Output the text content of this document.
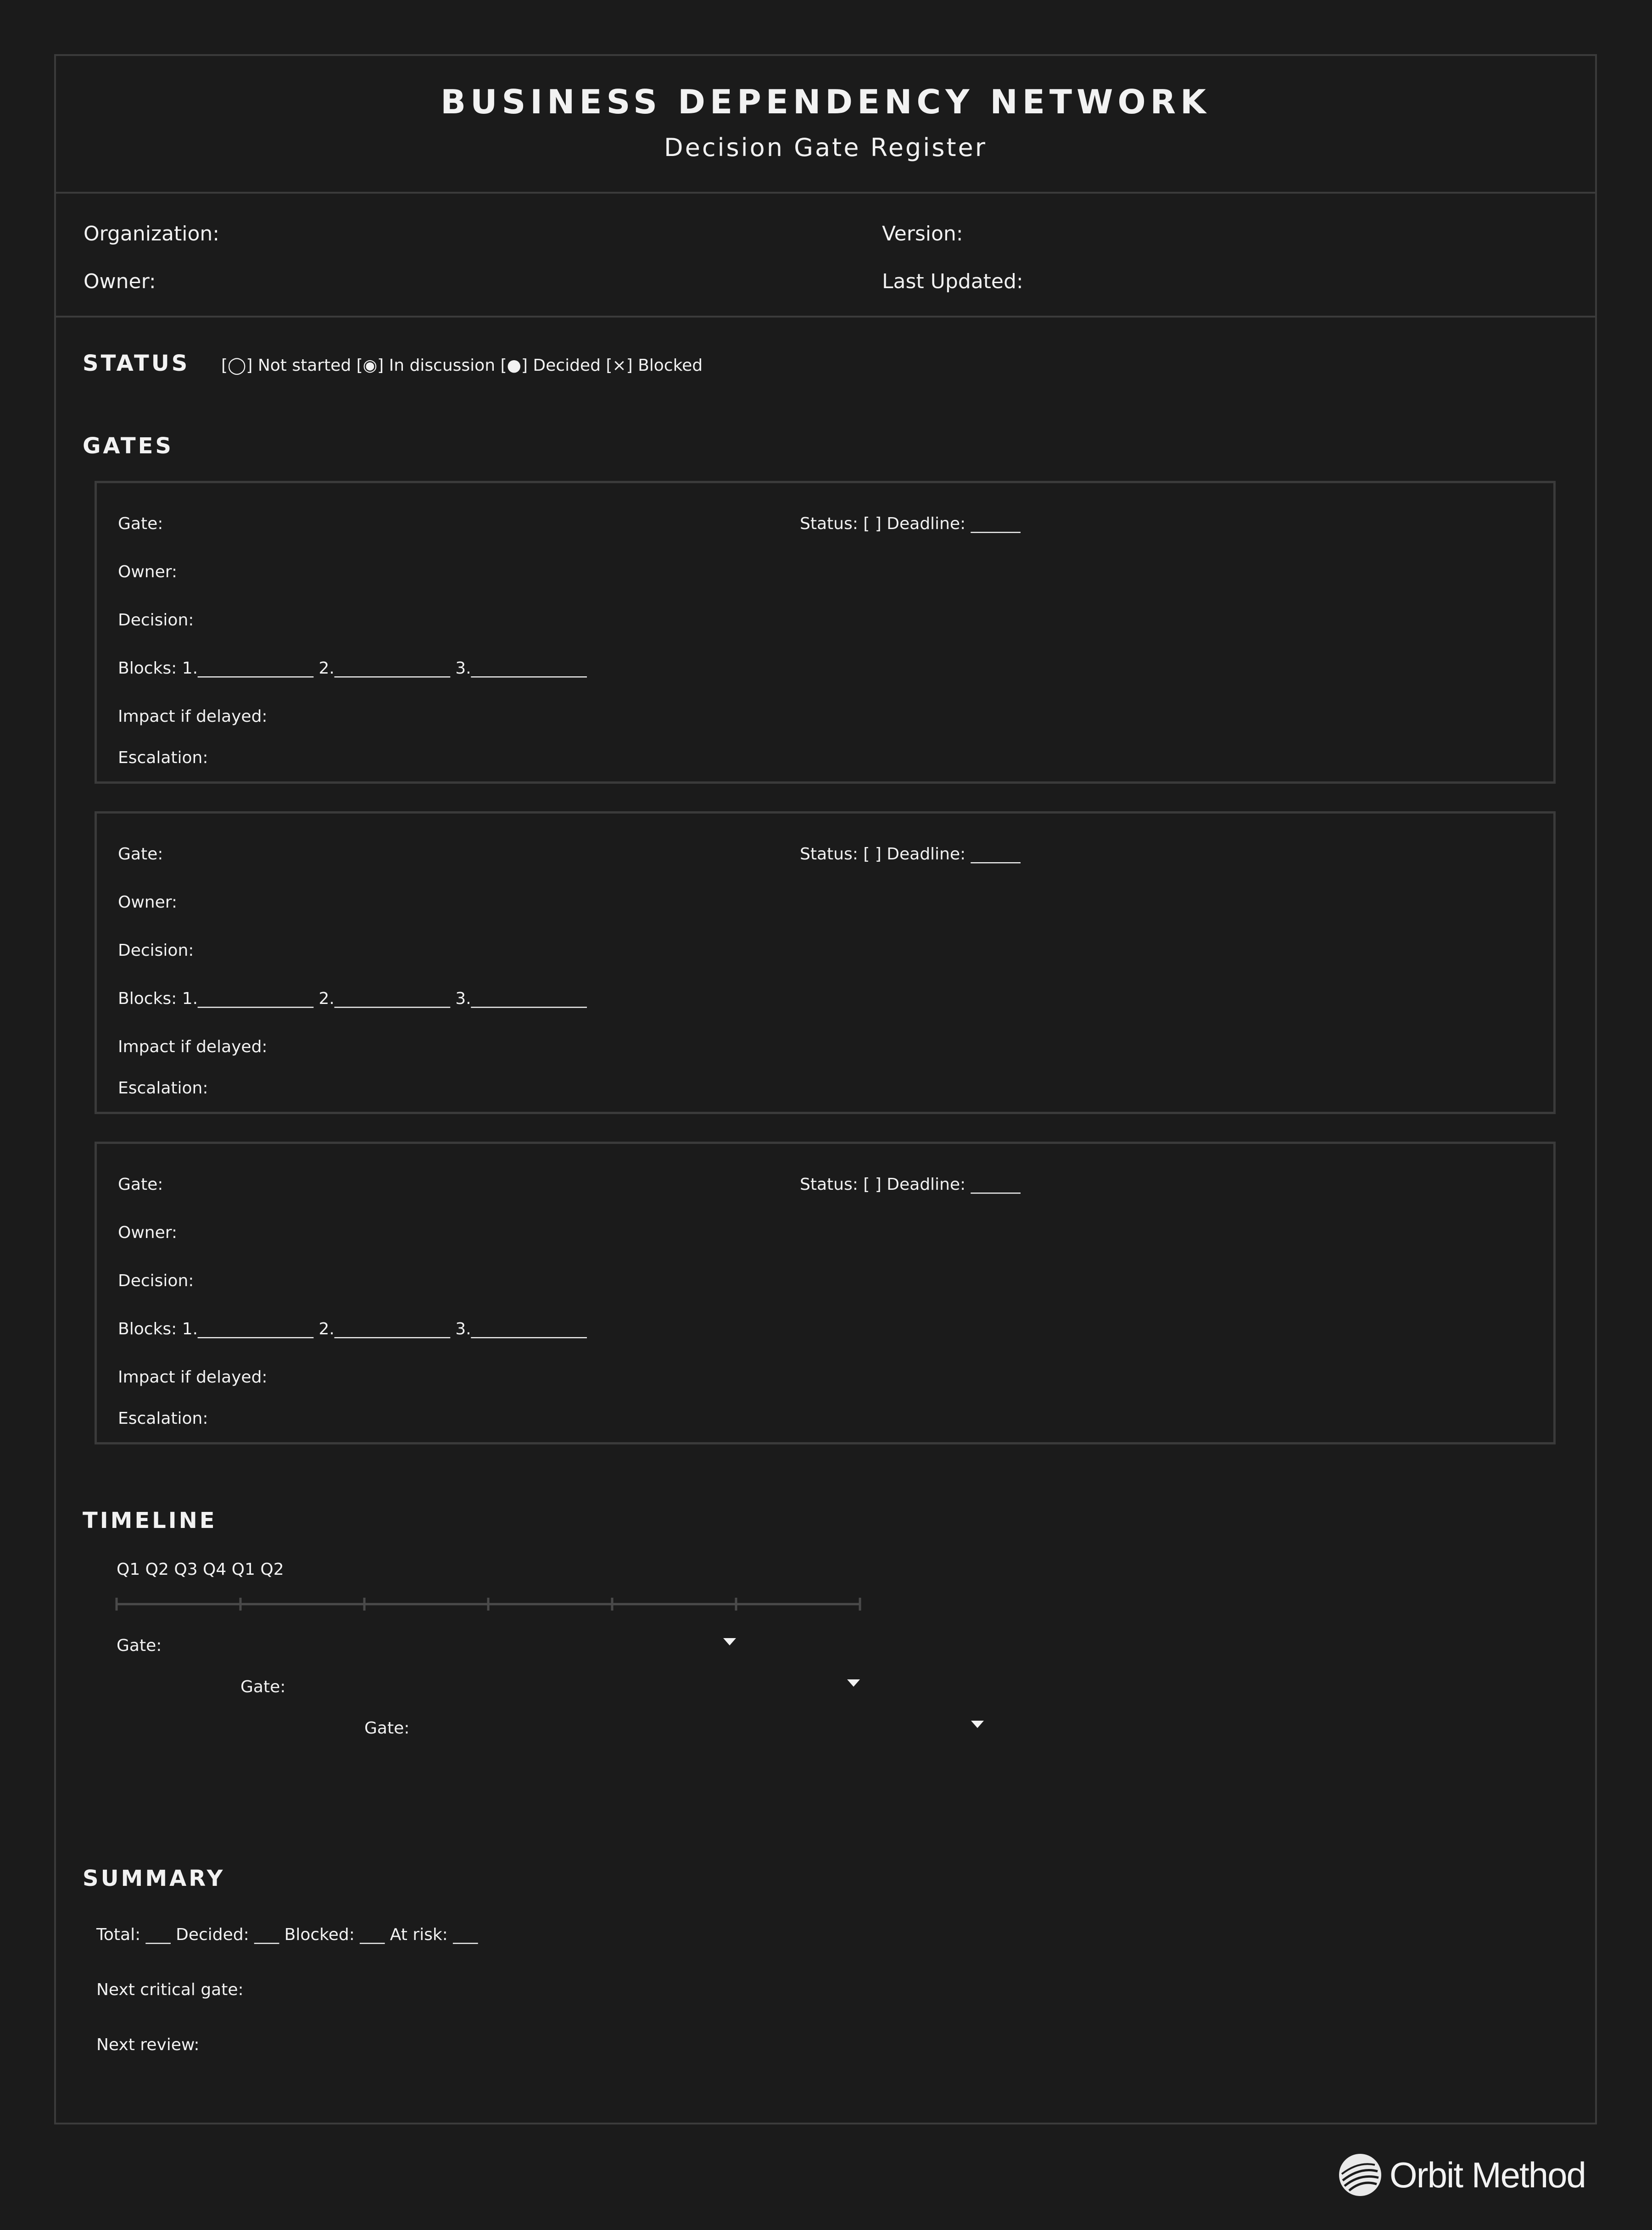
BUSINESS DEPENDENCY NETWORK
Decision Gate Register
Organization:	Version:
Owner:	Last Updated:
STATUS [◯] Not started [◉] In discussion [●] Decided [×] Blocked
GATES
Gate:	Status: [ ] Deadline: ______
Owner:
Decision:
Blocks: 1.______________ 2.______________ 3.______________
Impact if delayed:
Escalation:
Gate:	Status: [ ] Deadline: ______
Owner:
Decision:
Blocks: 1.______________ 2.______________ 3.______________
Impact if delayed:
Escalation:
Gate:	Status: [ ] Deadline: ______
Owner:
Decision:
Blocks: 1.______________ 2.______________ 3.______________
Impact if delayed:
Escalation:
TIMELINE
Q1 Q2 Q3 Q4 Q1 Q2
Gate:
Gate:
Gate:
SUMMARY
Total: ___ Decided: ___ Blocked: ___ At risk: ___
Next critical gate:
Next review:
Orbit Method
